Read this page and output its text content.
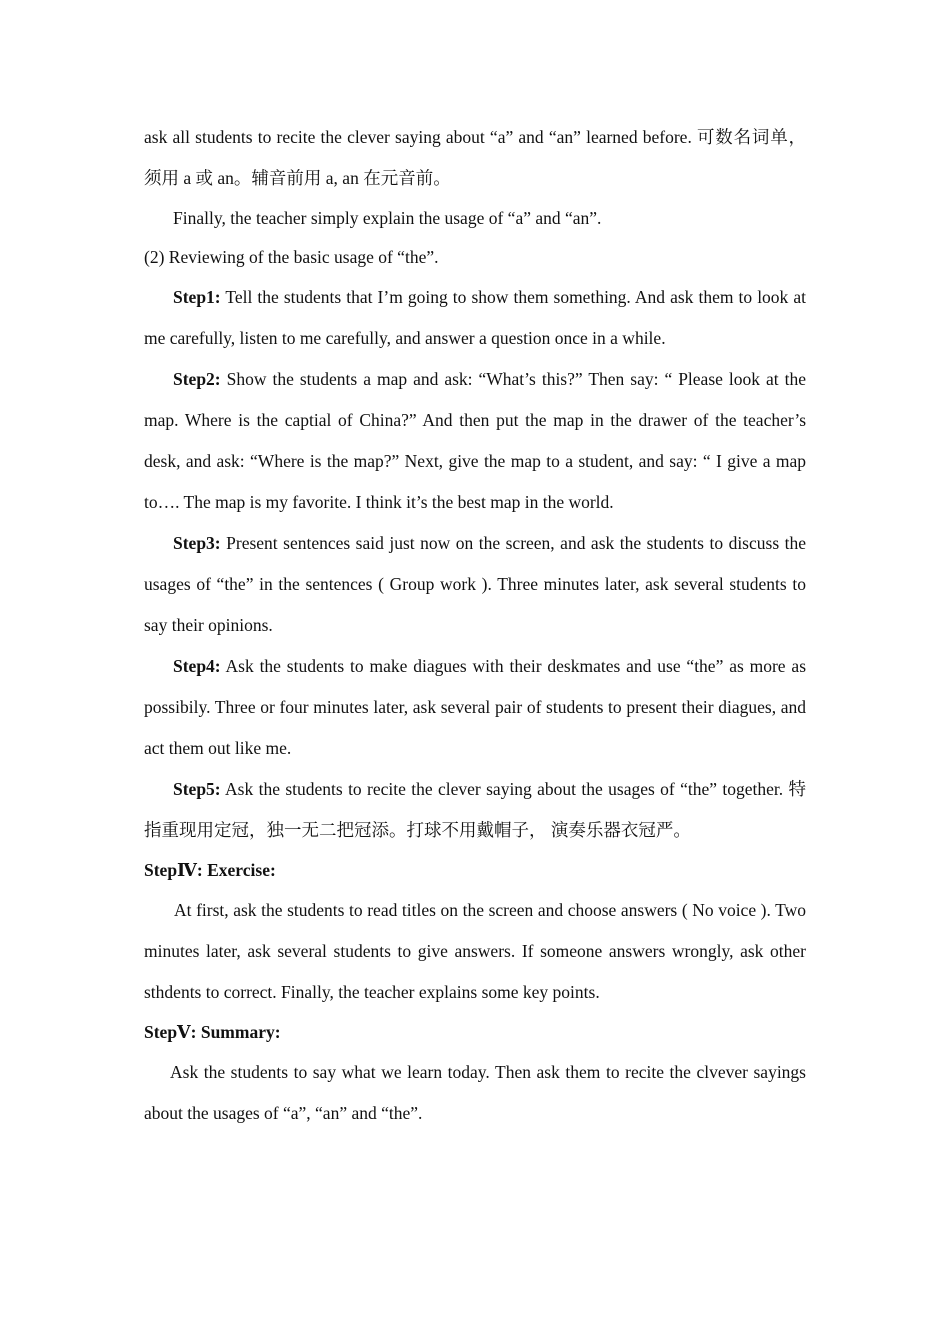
ask all students to recite the clever saying about “a” and “an” learned before. 可数名词单，须用 a 或 an。辅音前用 a, an 在元音前。

Finally, the teacher simply explain the usage of “a” and “an”.

(2) Reviewing of the basic usage of “the”.

Step1: Tell the students that I’m going to show them something. And ask them to look at me carefully, listen to me carefully, and answer a question once in a while.

Step2: Show the students a map and ask: “What’s this?” Then say: “ Please look at the map. Where is the captial of China?” And then put the map in the drawer of the teacher’s desk, and ask: “Where is the map?” Next, give the map to a student, and say: “ I give a map to…. The map is my favorite. I think it’s the best map in the world.

Step3: Present sentences said just now on the screen, and ask the students to discuss the usages of “the” in the sentences ( Group work ). Three minutes later, ask several students to say their opinions.

Step4: Ask the students to make diagues with their deskmates and use “the” as more as possibily. Three or four minutes later, ask several pair of students to present their diagues, and act them out like me.

Step5: Ask the students to recite the clever saying about the usages of “the” together. 特指重现用定冠，独一无二把冠添。打球不用戴帽子， 演奏乐器衣冠严。

StepⅣ: Exercise:

At first, ask the students to read titles on the screen and choose answers ( No voice ). Two minutes later, ask several students to give answers. If someone answers wrongly, ask other sthdents to correct. Finally, the teacher explains some key points.

StepⅤ: Summary:

Ask the students to say what we learn today. Then ask them to recite the clvever sayings about the usages of “a”, “an” and “the”.
